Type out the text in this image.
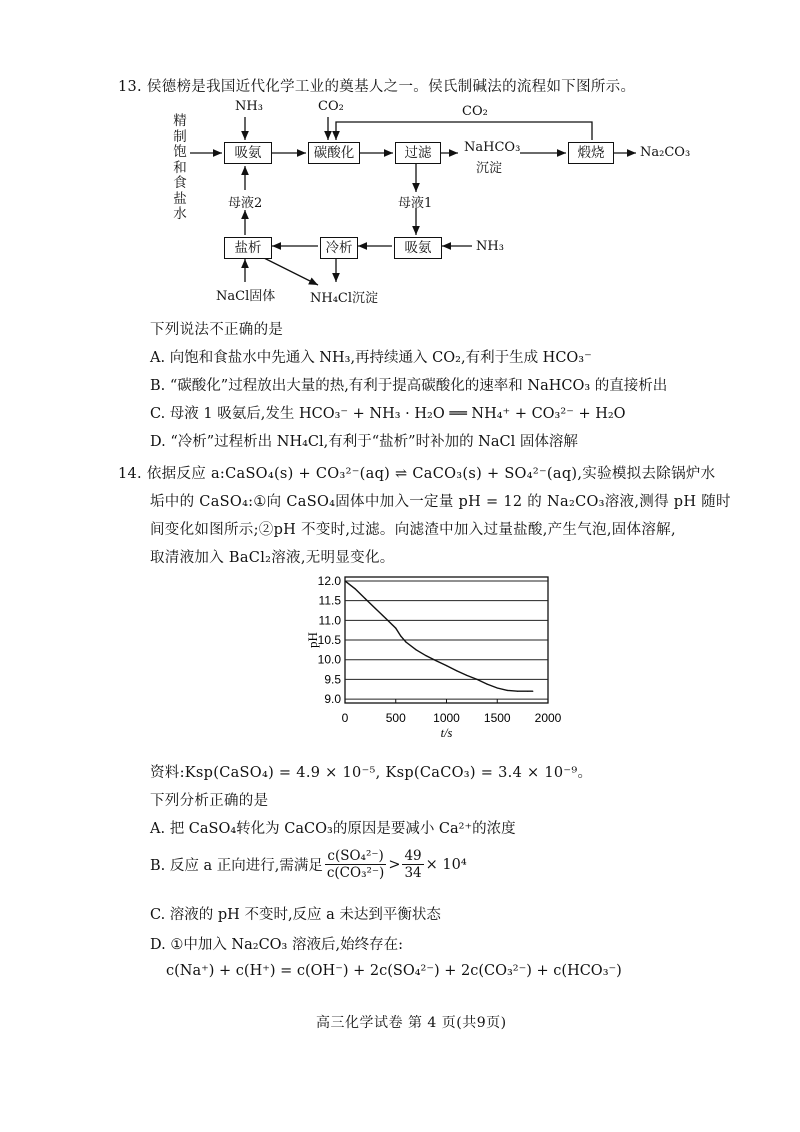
13. 侯德榜是我国近代化学工业的奠基人之一。侯氏制碱法的流程如下图所示。
精制饱和食盐水
NH₃	CO₂	CO₂
吸氨	碳酸化	过滤	NaHCO₃
沉淀
煅烧	Na₂CO₃
母液2	母液1
盐析	冷析	吸氨	NH₃
NaCl固体	NH₄Cl沉淀
下列说法不正确的是
A. 向饱和食盐水中先通入 NH₃,再持续通入 CO₂,有利于生成 HCO₃⁻
B. “碳酸化”过程放出大量的热,有利于提高碳酸化的速率和 NaHCO₃ 的直接析出
C. 母液 1 吸氨后,发生 HCO₃⁻ + NH₃ · H₂O ══ NH₄⁺ + CO₃²⁻ + H₂O
D. “冷析”过程析出 NH₄Cl,有利于“盐析”时补加的 NaCl 固体溶解
14. 依据反应 a:CaSO₄(s) + CO₃²⁻(aq) ⇌ CaCO₃(s) + SO₄²⁻(aq),实验模拟去除锅炉水
垢中的 CaSO₄:①向 CaSO₄固体中加入一定量 pH = 12 的 Na₂CO₃溶液,测得 pH 随时
间变化如图所示;②pH 不变时,过滤。向滤渣中加入过量盐酸,产生气泡,固体溶解,
取清液加入 BaCl₂溶液,无明显变化。
9.0
9.5
10.0
10.5
11.0
11.5
12.0
0	500 1000 1500 2000
t/s
pH
资料:Ksp(CaSO₄) = 4.9 × 10⁻⁵, Ksp(CaCO₃) = 3.4 × 10⁻⁹。
下列分析正确的是
A. 把 CaSO₄转化为 CaCO₃的原因是要减小 Ca²⁺的浓度
B. 反应 a 正向进行,需满足 $\frac{\text{c(SO₄²⁻)}}{\text{c(CO₃²⁻)}} > \frac{49}{34} \times 10^4$
C. 溶液的 pH 不变时,反应 a 未达到平衡状态
D. ①中加入 Na₂CO₃ 溶液后,始终存在:
c(Na⁺) + c(H⁺) = c(OH⁻) + 2c(SO₄²⁻) + 2c(CO₃²⁻) + c(HCO₃⁻)
高三化学试卷 第 4 页(共9页)
